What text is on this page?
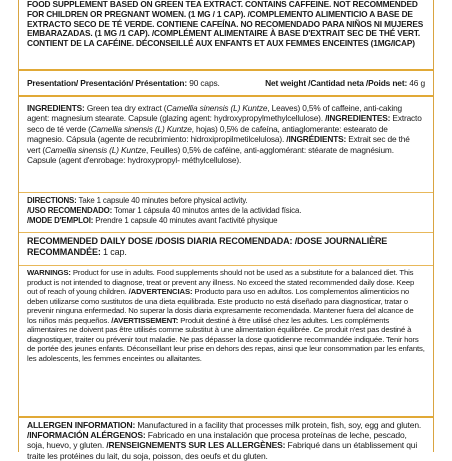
FOOD SUPPLEMENT BASED ON GREEN TEA EXTRACT. CONTAINS CAFFEINE. NOT RECOMMENDED FOR CHILDREN OR PREGNANT WOMEN. (1 MG / 1 CAP). /COMPLEMENTO ALIMENTICIO A BASE DE EXTRACTO SECO DE TÉ VERDE. CONTIENE CAFEÍNA. NO RECOMENDADO PARA NIÑOS NI MUJERES EMBARAZADAS. (1 MG /1 CAP). /COMPLÉMENT ALIMENTAIRE À BASE D'EXTRAIT SEC DE THÉ VERT. CONTIENT DE LA CAFÉINE. DÉCONSEILLÉ AUX ENFANTS ET AUX FEMMES ENCEINTES (1MG/ICAP)

Presentation/ Presentación/ Présentation: 90 caps.	Net weight /Cantidad neta /Poids net: 46 g

INGREDIENTS: Green tea dry extract (Camellia sinensis (L) Kuntze, Leaves) 0,5% of caffeine, anti-caking agent: magnesium stearate. Capsule (glazing agent: hydroxypropylmethylcellulose). /INGREDIENTES: Extracto seco de té verde (Camellia sinensis (L) Kuntze, hojas) 0,5% de cafeína, antiaglomerante: estearato de magnesio. Cápsula (agente de recubrimiento: hidroxipropilmetilcelulosa). /INGRÉDIENTS: Extrait sec de thé vert (Camellia sinensis (L) Kuntze, Feuilles) 0,5% de caféine, anti-agglomérant: stéarate de magnésium. Capsule (agent d'enrobage: hydroxypropyl- méthylcellulose).

DIRECTIONS: Take 1 capsule 40 minutes before physical activity.

/USO RECOMENDADO: Tomar 1 cápsula 40 minutos antes de la actividad física.

/MODE D'EMPLOI: Prendre 1 capsule 40 minutes avant l'activité physique

RECOMMENDED DAILY DOSE /DOSIS DIARIA RECOMENDADA: /DOSE JOURNALIÈRE RECOMMANDÉE: 1 cap.

WARNINGS: Product for use in adults. Food supplements should not be used as a substitute for a balanced diet. This product is not intended to diagnose, treat or prevent any illness. No exceed the stated recommended daily dose. Keep out of reach of young children. /ADVERTENCIAS: Producto para uso en adultos. Los complementos alimenticios no deben utilizarse como sustitutos de una dieta equilibrada. Este producto no está diseñado para diagnosticar, tratar o prevenir ninguna enfermedad. No superar la dosis diaria expresamente recomendada. Mantener fuera del alcance de los niños más pequeños. /AVERTISSEMENT: Produit destiné à être utilisé chez les adultes. Les compléments alimentaires ne doivent pas être utilisés comme substitut à une alimentation équilibrée. Ce produit n'est pas destiné à diagnostiquer, traiter ou prévenir tout maladie. Ne pas dépasser la dose quotidienne recommandée indiquée. Tenir hors de portée des jeunes enfants. Déconseillant leur prise en dehors des repas, ainsi que leur consommation par les enfants, les adolescents, les femmes enceintes ou allaitantes.

ALLERGEN INFORMATION: Manufactured in a facility that processes milk protein, fish, soy, egg and gluten. /INFORMACIÓN ALÉRGENOS: Fabricado en una instalación que procesa proteínas de leche, pescado, soja, huevo, y gluten. /RENSEIGNEMENTS SUR LES ALLERGÈNES: Fabriqué dans un établissement qui traite les protéines du lait, du soja, poisson, des oeufs et du gluten.
